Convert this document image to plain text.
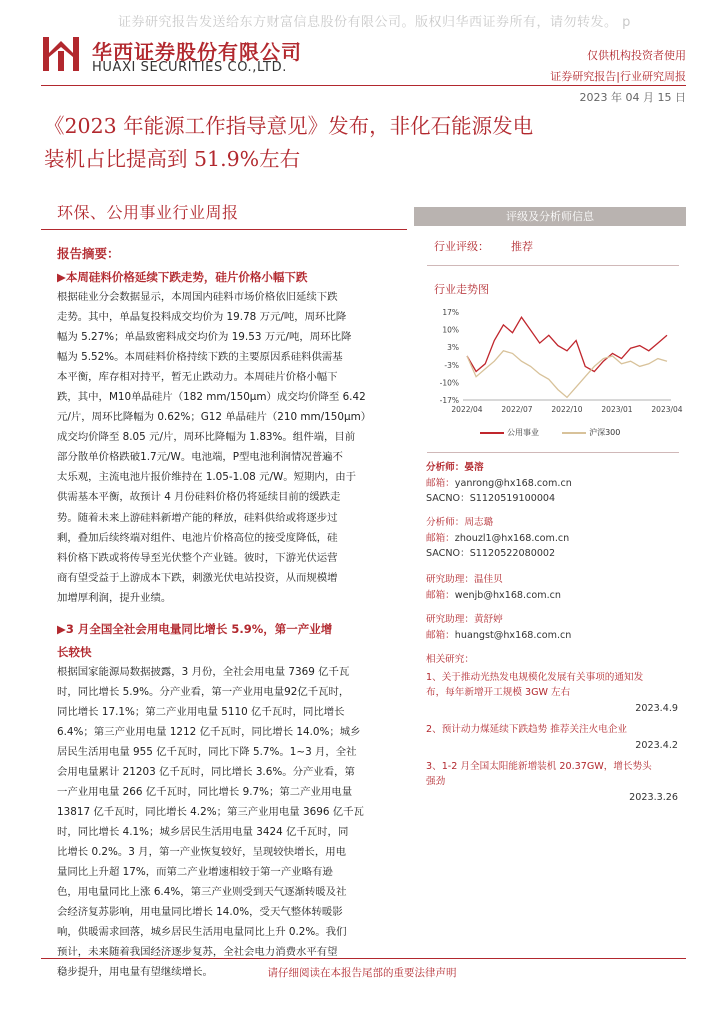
证券研究报告发送给东方财富信息股份有限公司。版权归华西证券所有，请勿转发。 p
华西证券股份有限公司
HUAXI SECURITIES CO.,LTD.
仅供机构投资者使用
证券研究报告|行业研究周报
2023 年 04 月 15 日
《2023 年能源工作指导意见》发布，非化石能源发电
装机占比提高到 51.9%左右
环保、公用事业行业周报
报告摘要：
▶本周硅料价格延续下跌走势，硅片价格小幅下跌
根据硅业分会数据显示，本周国内硅料市场价格依旧延续下跌
走势。其中，单晶复投料成交均价为 19.78 万元/吨，周环比降
幅为 5.27%；单晶致密料成交均价为 19.53 万元/吨，周环比降
幅为 5.52%。本周硅料价格持续下跌的主要原因系硅料供需基
本平衡，库存相对持平，暂无止跌动力。本周硅片价格小幅下
跌，其中，M10单晶硅片（182 mm/150μm）成交均价降至 6.42
元/片，周环比降幅为 0.62%；G12 单晶硅片（210 mm/150μm）
成交均价降至 8.05 元/片，周环比降幅为 1.83%。组件端，目前
部分散单价格跌破1.7元/W。电池端，P型电池利润情况普遍不
太乐观，主流电池片报价维持在 1.05-1.08 元/W。短期内，由于
供需基本平衡，故预计 4 月份硅料价格仍将延续目前的缓跌走
势。随着未来上游硅料新增产能的释放，硅料供给或将逐步过
剩，叠加后续终端对组件、电池片价格高位的接受度降低，硅
料价格下跌或将传导至光伏整个产业链。彼时，下游光伏运营
商有望受益于上游成本下跌，刺激光伏电站投资，从而规模增
加增厚利润，提升业绩。
▶3 月全国全社会用电量同比增长 5.9%，第一产业增
长较快
根据国家能源局数据披露，3 月份，全社会用电量 7369 亿千瓦
时，同比增长 5.9%。分产业看，第一产业用电量92亿千瓦时，
同比增长 17.1%；第二产业用电量 5110 亿千瓦时，同比增长
6.4%；第三产业用电量 1212 亿千瓦时，同比增长 14.0%；城乡
居民生活用电量 955 亿千瓦时，同比下降 5.7%。1~3 月，全社
会用电量累计 21203 亿千瓦时，同比增长 3.6%。分产业看，第
一产业用电量 266 亿千瓦时，同比增长 9.7%；第二产业用电量
13817 亿千瓦时，同比增长 4.2%；第三产业用电量 3696 亿千瓦
时，同比增长 4.1%；城乡居民生活用电量 3424 亿千瓦时，同
比增长 0.2%。3 月，第一产业恢复较好，呈现较快增长，用电
量同比上升超 17%，而第二产业增速相较于第一产业略有逊
色，用电量同比上涨 6.4%，第三产业则受到天气逐渐转暖及社
会经济复苏影响，用电量同比增长 14.0%，受天气整体转暖影
响，供暖需求回落，城乡居民生活用电量同比上升 0.2%。我们
预计，未来随着我国经济逐步复苏，全社会电力消费水平有望
稳步提升，用电量有望继续增长。
评级及分析师信息
行业评级： 推荐
行业走势图
17%
10%
3%
-3%
-10%
-17%
2022/04	2022/07	2022/10	2023/01	2023/04
公用事业	沪深300
分析师：晏溶
邮箱：yanrong@hx168.com.cn
SACNO：S1120519100004
分析师：周志璐
邮箱：zhouzl1@hx168.com.cn
SACNO：S1120522080002
研究助理：温佳贝
邮箱：wenjb@hx168.com.cn
研究助理：黄舒婷
邮箱：huangst@hx168.com.cn
相关研究：
1、关于推动光热发电规模化发展有关事项的通知发
布，每年新增开工规模 3GW 左右
2023.4.9
2、预计动力煤延续下跌趋势 推荐关注火电企业
2023.4.2
3、1-2 月全国太阳能新增装机 20.37GW，增长势头
强劲
2023.3.26
请仔细阅读在本报告尾部的重要法律声明
